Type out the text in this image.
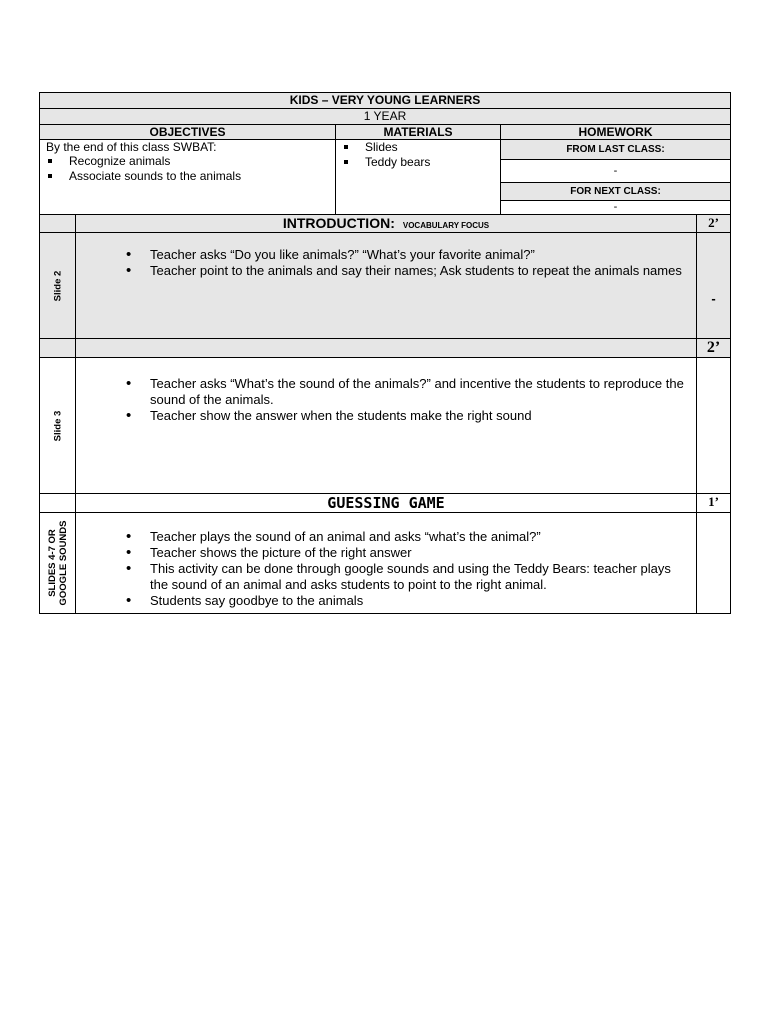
KIDS – VERY YOUNG LEARNERS
1 YEAR
OBJECTIVES	MATERIALS	HOMEWORK
By the end of this class SWBAT:
Recognize animals
Associate sounds to the animals
Slides
Teddy bears
FROM LAST CLASS:
-
FOR NEXT CLASS:
-
INTRODUCTION: VOCABULARY FOCUS	2’
Slide 2
• Teacher asks “Do you like animals?” “What’s your favorite animal?”
• Teacher point to the animals and say their names; Ask students to repeat the animals names
-
2’
Slide 3
• Teacher asks “What’s the sound of the animals?” and incentive the students to reproduce the sound of the animals.
• Teacher show the answer when the students make the right sound
GUESSING GAME	1’
SLIDES 4-7 OR GOOGLE SOUNDS
•	Teacher plays the sound of an animal and asks “what’s the animal?”
• Teacher shows the picture of the right answer
• This activity can be done through google sounds and using the Teddy Bears: teacher plays the sound of an animal and asks students to point to the right animal.
• Students say goodbye to the animals
